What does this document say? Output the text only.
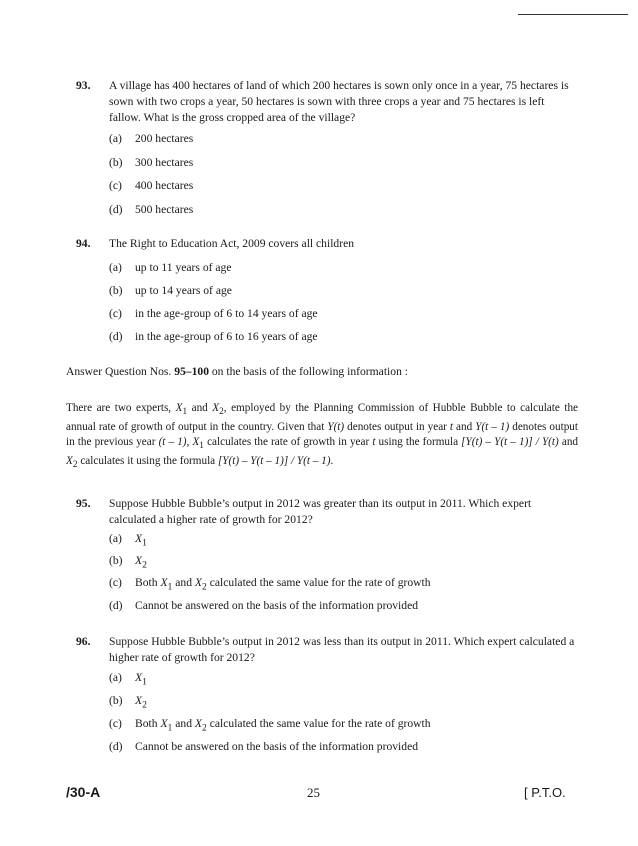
93.	A village has 400 hectares of land of which 200 hectares is sown only once in a year, 75 hectares is sown with two crops a year, 50 hectares is sown with three crops a year and 75 hectares is left fallow. What is the gross cropped area of the village?
(a) 200 hectares
(b) 300 hectares
(c) 400 hectares
(d) 500 hectares
94.	The Right to Education Act, 2009 covers all children
(a) up to 11 years of age
(b) up to 14 years of age
(c) in the age-group of 6 to 14 years of age
(d) in the age-group of 6 to 16 years of age
Answer Question Nos. 95–100 on the basis of the following information :
There are two experts, $X_1$ and $X_2$, employed by the Planning Commission of Hubble Bubble to calculate the annual rate of growth of output in the country. Given that Y(t) denotes output in year t and Y(t – 1) denotes output in the previous year (t – 1), $X_1$ calculates the rate of growth in year t using the formula [Y(t) – Y(t – 1)] / Y(t) and $X_2$ calculates it using the formula [Y(t) – Y(t – 1)] / Y(t – 1).
95.	Suppose Hubble Bubble’s output in 2012 was greater than its output in 2011. Which expert calculated a higher rate of growth for 2012?
(a) $X_1$
(b) $X_2$
(c) Both $X_1$ and $X_2$ calculated the same value for the rate of growth
(d) Cannot be answered on the basis of the information provided
96.	Suppose Hubble Bubble’s output in 2012 was less than its output in 2011. Which expert calculated a higher rate of growth for 2012?
(a) $X_1$
(b) $X_2$
(c) Both $X_1$ and $X_2$ calculated the same value for the rate of growth
(d) Cannot be answered on the basis of the information provided
/30-A	25	[ P.T.O.
